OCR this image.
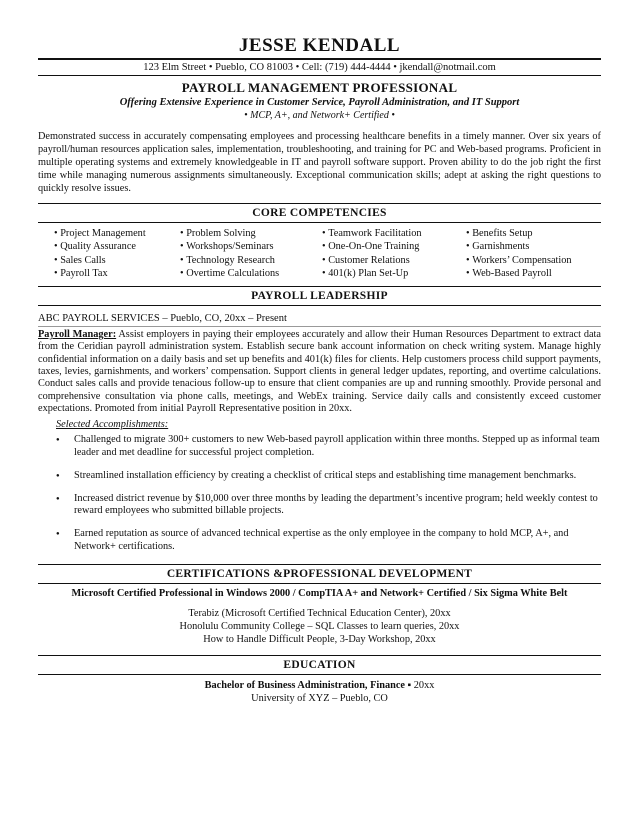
JESSE KENDALL
123 Elm Street • Pueblo, CO 81003 • Cell: (719) 444-4444 • jkendall@notmail.com
PAYROLL MANAGEMENT PROFESSIONAL
Offering Extensive Experience in Customer Service, Payroll Administration, and IT Support
• MCP, A+, and Network+ Certified •
Demonstrated success in accurately compensating employees and processing healthcare benefits in a timely manner. Over six years of payroll/human resources application sales, implementation, troubleshooting, and training for PC and Web-based programs. Proficient in multiple operating systems and extremely knowledgeable in IT and payroll software support. Proven ability to do the job right the first time while managing numerous assignments simultaneously. Exceptional communication skills; adept at asking the right questions to quickly resolve issues.
CORE COMPETENCIES
• Project Management
• Quality Assurance
• Sales Calls
• Payroll Tax
• Problem Solving
• Workshops/Seminars
• Technology Research
• Overtime Calculations
• Teamwork Facilitation
• One-On-One Training
• Customer Relations
• 401(k) Plan Set-Up
• Benefits Setup
• Garnishments
• Workers’ Compensation
• Web-Based Payroll
PAYROLL LEADERSHIP
ABC PAYROLL SERVICES – Pueblo, CO, 20xx – Present
Payroll Manager: Assist employers in paying their employees accurately and allow their Human Resources Department to extract data from the Ceridian payroll administration system. Establish secure bank account information on check writing system. Manage highly confidential information on a daily basis and set up benefits and 401(k) files for clients. Help customers process child support payments, taxes, levies, garnishments, and workers’ compensation. Support clients in general ledger updates, reporting, and overtime calculations. Conduct sales calls and provide tenacious follow-up to ensure that client companies are up and running smoothly. Provide personal and comprehensive consultation via phone calls, meetings, and WebEx training. Service daily calls and consistently exceed customer expectations. Promoted from initial Payroll Representative position in 20xx.
Selected Accomplishments:
● Challenged to migrate 300+ customers to new Web-based payroll application within three months. Stepped up as informal team leader and met deadline for successful project completion.
● Streamlined installation efficiency by creating a checklist of critical steps and establishing time management benchmarks.
● Increased district revenue by $10,000 over three months by leading the department’s incentive program; held weekly contest to reward employees who submitted billable projects.
● Earned reputation as source of advanced technical expertise as the only employee in the company to hold MCP, A+, and Network+ certifications.
CERTIFICATIONS &PROFESSIONAL DEVELOPMENT
Microsoft Certified Professional in Windows 2000 / CompTIA A+ and Network+ Certified / Six Sigma White Belt
Terabiz (Microsoft Certified Technical Education Center), 20xx
Honolulu Community College – SQL Classes to learn queries, 20xx
How to Handle Difficult People, 3-Day Workshop, 20xx
EDUCATION
Bachelor of Business Administration, Finance ▪ 20xx
University of XYZ – Pueblo, CO
